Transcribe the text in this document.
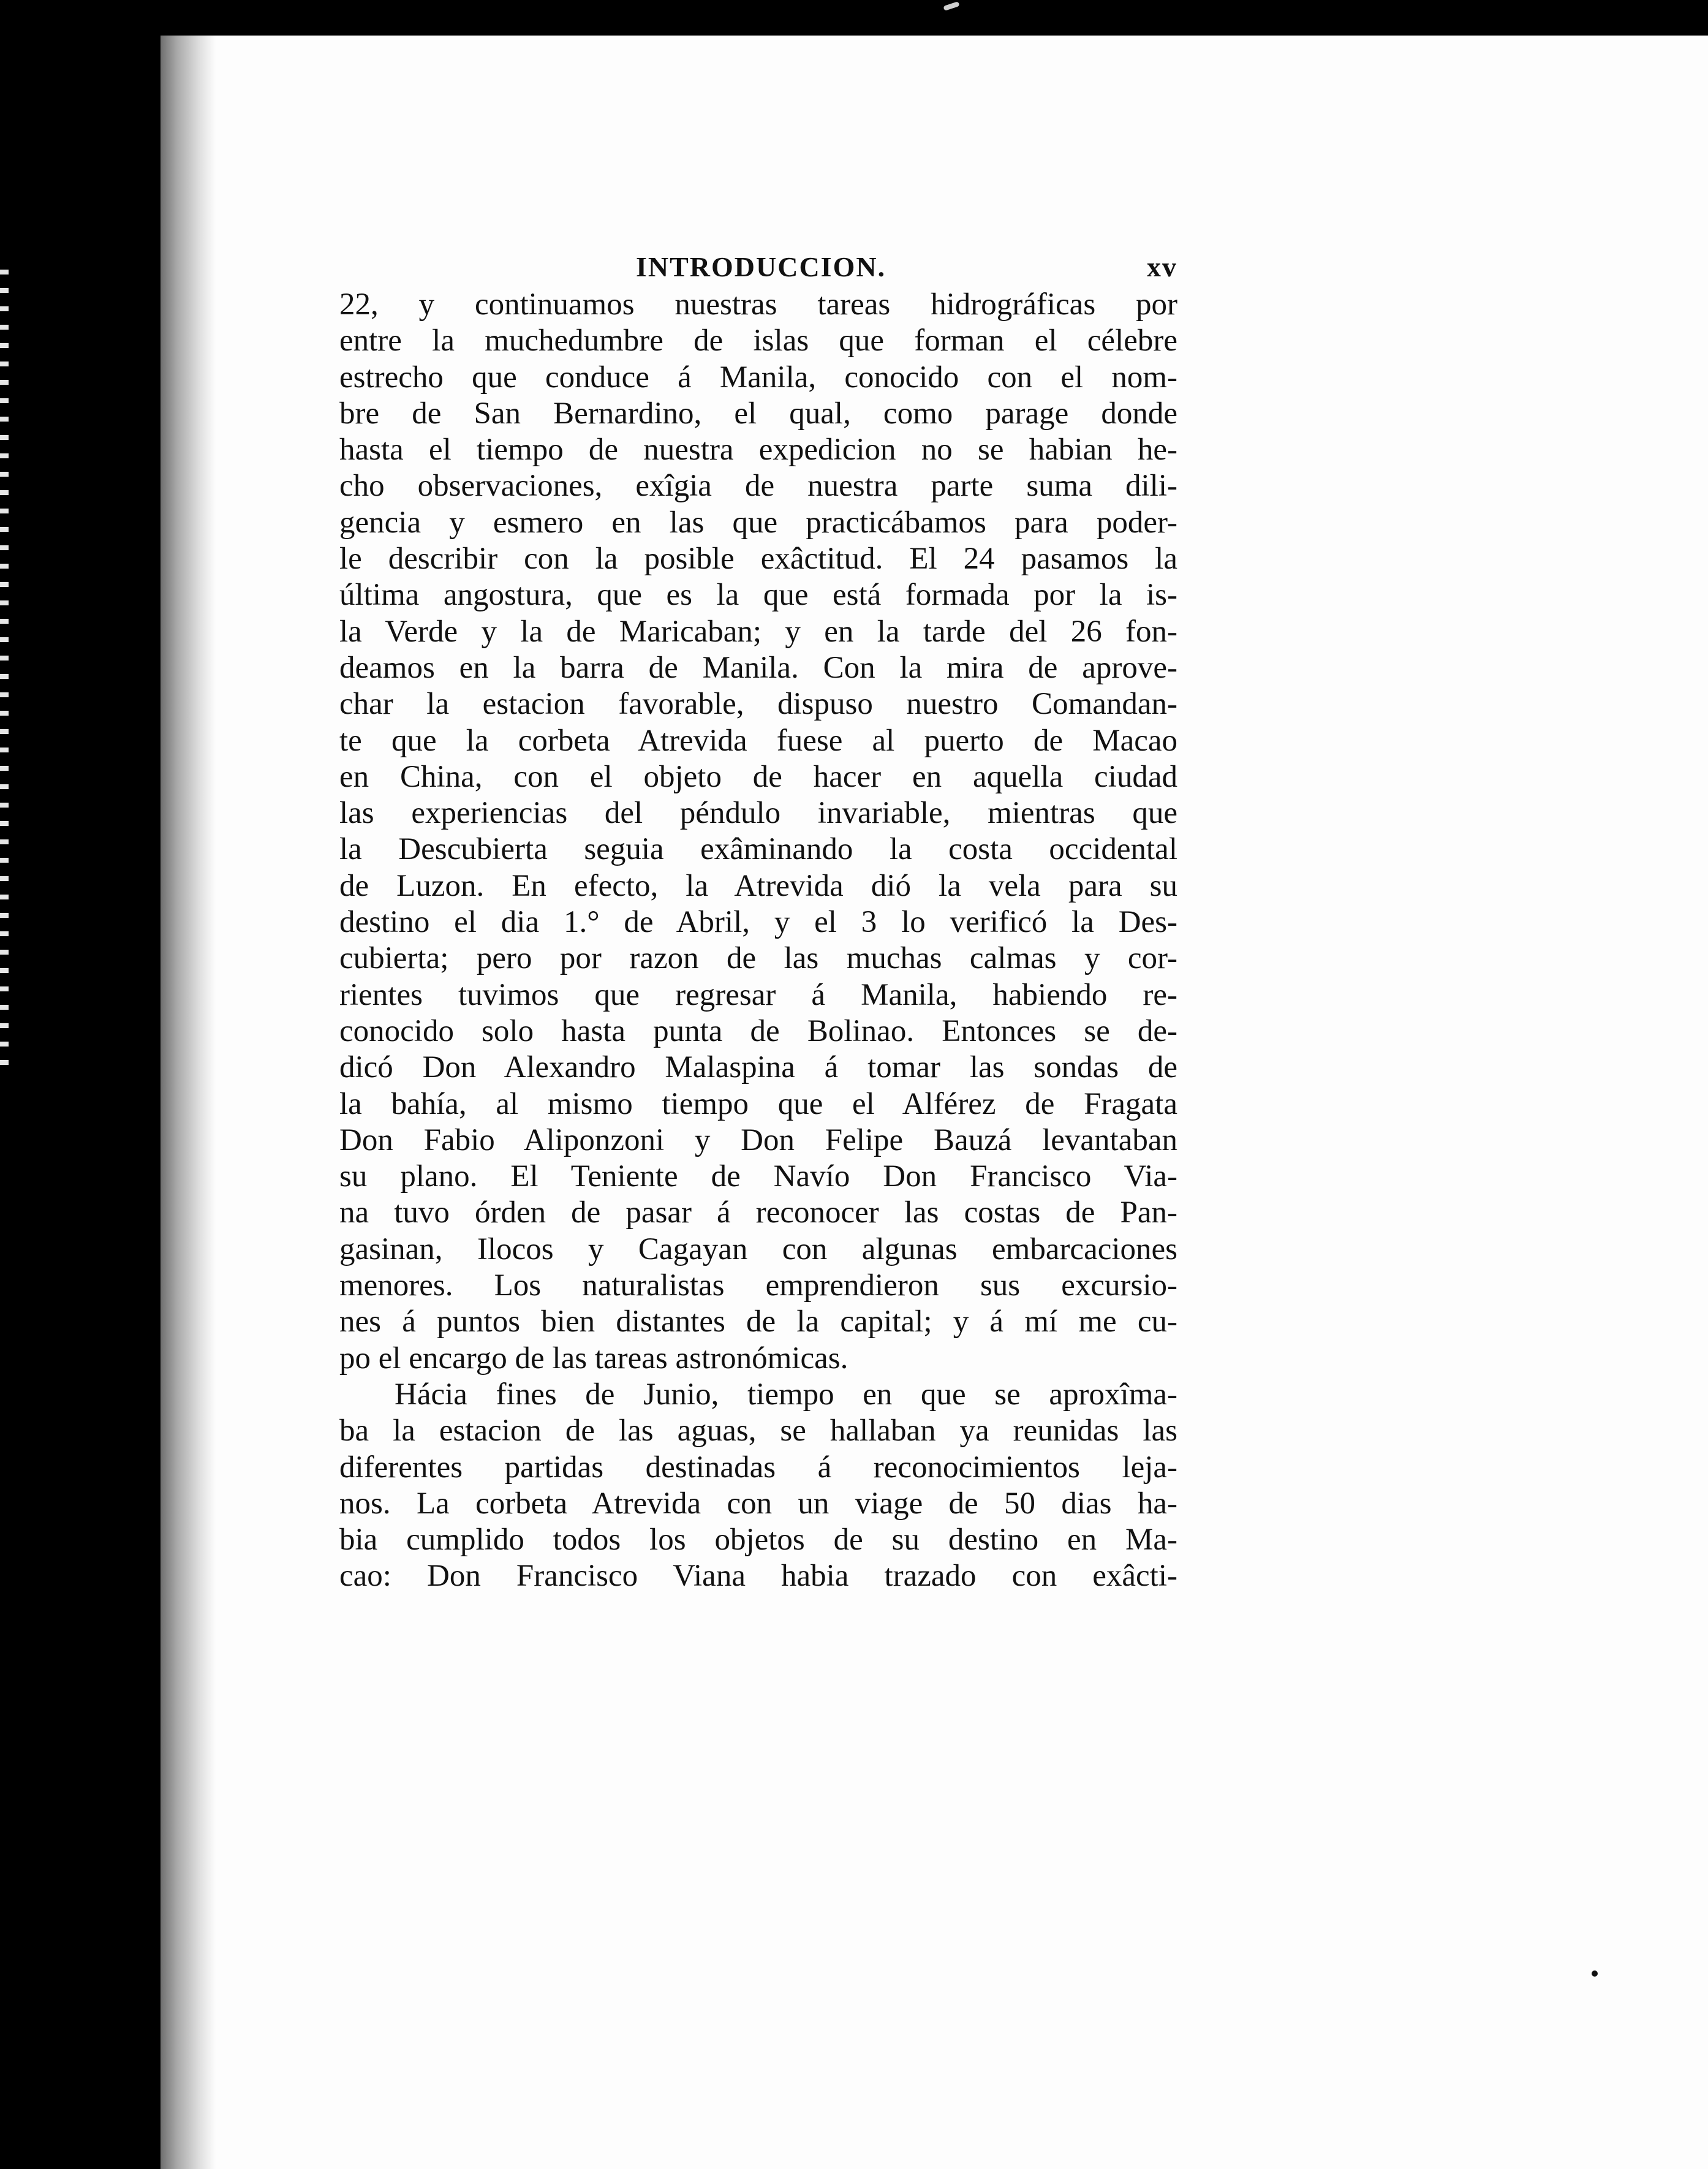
INTRODUCCION.	xv
22, y continuamos nuestras tareas hidrográficas por
entre la muchedumbre de islas que forman el célebre
estrecho que conduce á Manila, conocido con el nom-
bre de San Bernardino, el qual, como parage donde
hasta el tiempo de nuestra expedicion no se habian he-
cho observaciones, exîgia de nuestra parte suma dili-
gencia y esmero en las que practicábamos para poder-
le describir con la posible exâctitud. El 24 pasamos la
última angostura, que es la que está formada por la is-
la Verde y la de Maricaban; y en la tarde del 26 fon-
deamos en la barra de Manila. Con la mira de aprove-
char la estacion favorable, dispuso nuestro Comandan-
te que la corbeta Atrevida fuese al puerto de Macao
en China, con el objeto de hacer en aquella ciudad
las experiencias del péndulo invariable, mientras que
la Descubierta seguia exâminando la costa occidental
de Luzon. En efecto, la Atrevida dió la vela para su
destino el dia 1.° de Abril, y el 3 lo verificó la Des-
cubierta; pero por razon de las muchas calmas y cor-
rientes tuvimos que regresar á Manila, habiendo re-
conocido solo hasta punta de Bolinao. Entonces se de-
dicó Don Alexandro Malaspina á tomar las sondas de
la bahía, al mismo tiempo que el Alférez de Fragata
Don Fabio Aliponzoni y Don Felipe Bauzá levantaban
su plano. El Teniente de Navío Don Francisco Via-
na tuvo órden de pasar á reconocer las costas de Pan-
gasinan, Ilocos y Cagayan con algunas embarcaciones
menores. Los naturalistas emprendieron sus excursio-
nes á puntos bien distantes de la capital; y á mí me cu-
po el encargo de las tareas astronómicas.
Hácia fines de Junio, tiempo en que se aproxîma-
ba la estacion de las aguas, se hallaban ya reunidas las
diferentes partidas destinadas á reconocimientos leja-
nos. La corbeta Atrevida con un viage de 50 dias ha-
bia cumplido todos los objetos de su destino en Ma-
cao: Don Francisco Viana habia trazado con exâcti-
